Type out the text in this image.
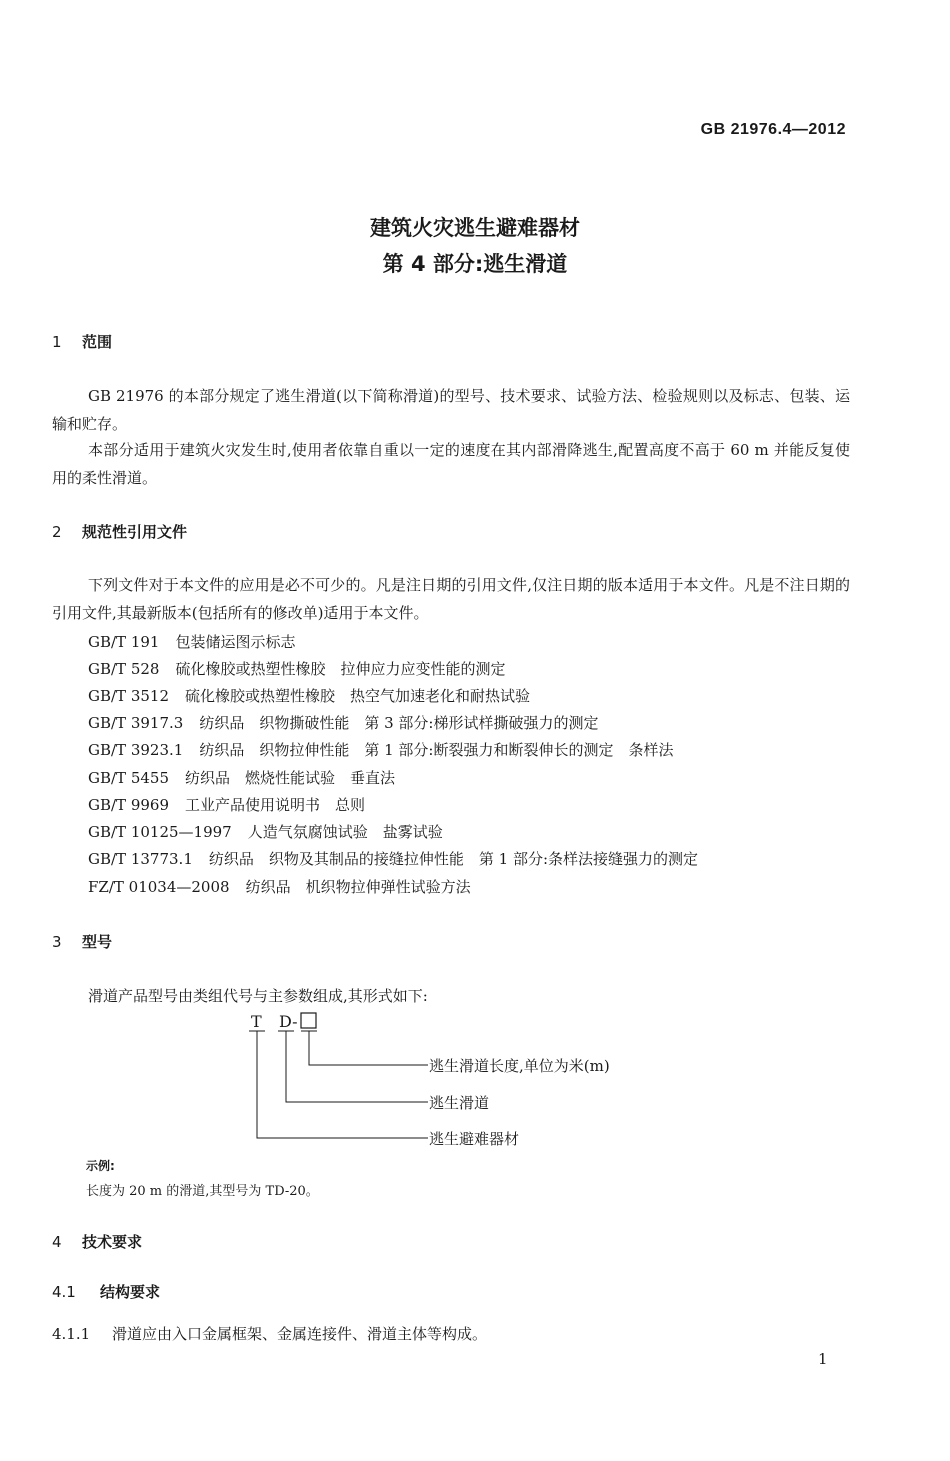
GB 21976.4—2012
建筑火灾逃生避难器材
第 4 部分:逃生滑道
1 范围
GB 21976 的本部分规定了逃生滑道(以下简称滑道)的型号、技术要求、试验方法、检验规则以及标志、包装、运输和贮存。
本部分适用于建筑火灾发生时,使用者依靠自重以一定的速度在其内部滑降逃生,配置高度不高于 60 m 并能反复使用的柔性滑道。
2 规范性引用文件
下列文件对于本文件的应用是必不可少的。凡是注日期的引用文件,仅注日期的版本适用于本文件。凡是不注日期的引用文件,其最新版本(包括所有的修改单)适用于本文件。
GB/T 191 包装储运图示标志
GB/T 528 硫化橡胶或热塑性橡胶　拉伸应力应变性能的测定
GB/T 3512 硫化橡胶或热塑性橡胶　热空气加速老化和耐热试验
GB/T 3917.3 纺织品　织物撕破性能　第 3 部分:梯形试样撕破强力的测定
GB/T 3923.1 纺织品　织物拉伸性能　第 1 部分:断裂强力和断裂伸长的测定　条样法
GB/T 5455 纺织品　燃烧性能试验　垂直法
GB/T 9969 工业产品使用说明书　总则
GB/T 10125—1997 人造气氛腐蚀试验　盐雾试验
GB/T 13773.1 纺织品　织物及其制品的接缝拉伸性能　第 1 部分:条样法接缝强力的测定
FZ/T 01034—2008 纺织品　机织物拉伸弹性试验方法
3 型号
滑道产品型号由类组代号与主参数组成,其形式如下:
T D-
逃生滑道长度,单位为米(m)
逃生滑道
逃生避难器材
示例:
长度为 20 m 的滑道,其型号为 TD-20。
4 技术要求
4.1 结构要求
4.1.1 滑道应由入口金属框架、金属连接件、滑道主体等构成。
1
